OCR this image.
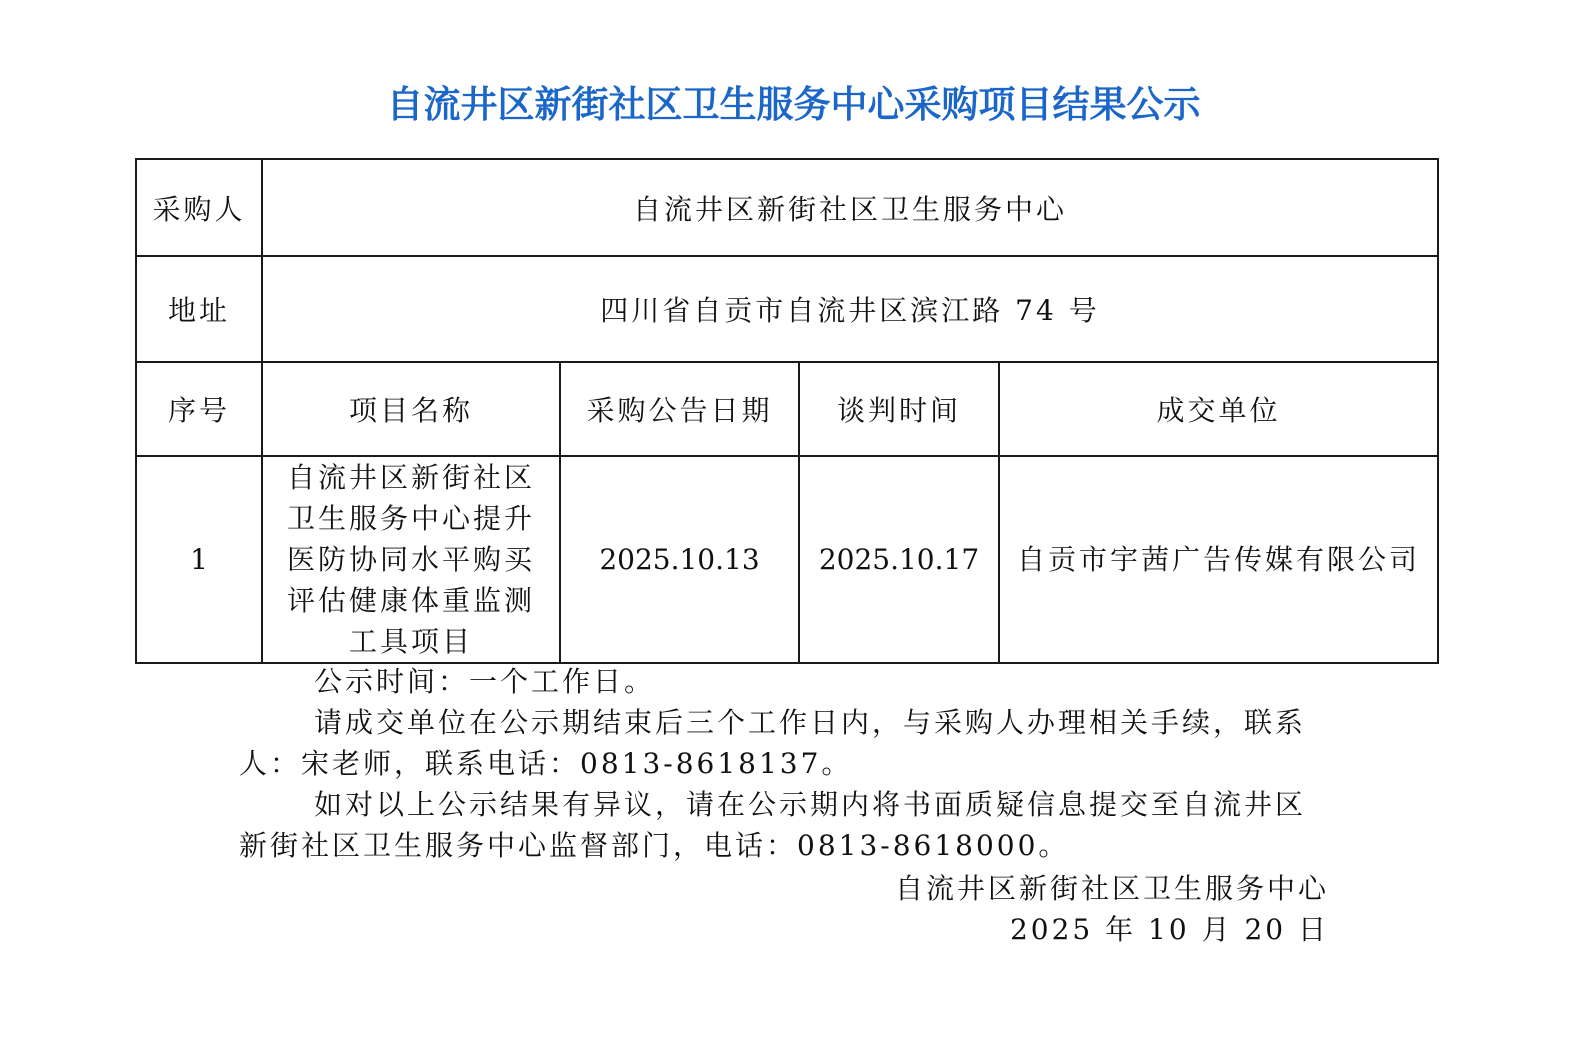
自流井区新街社区卫生服务中心采购项目结果公示
采购人	自流井区新街社区卫生服务中心			
地址	四川省自贡市自流井区滨江路 74 号			
序号	项目名称	采购公告日期	谈判时间	成交单位
1	自流井区新街社区卫生服务中心提升医防协同水平购买评估健康体重监测工具项目	2025.10.13	2025.10.17	自贡市宇茜广告传媒有限公司

公示时间：一个工作日。

请成交单位在公示期结束后三个工作日内，与采购人办理相关手续，联系人：宋老师，联系电话：0813-8618137。

如对以上公示结果有异议，请在公示期内将书面质疑信息提交至自流井区新街社区卫生服务中心监督部门，电话：0813-8618000。

自流井区新街社区卫生服务中心
2025 年 10 月 20 日
